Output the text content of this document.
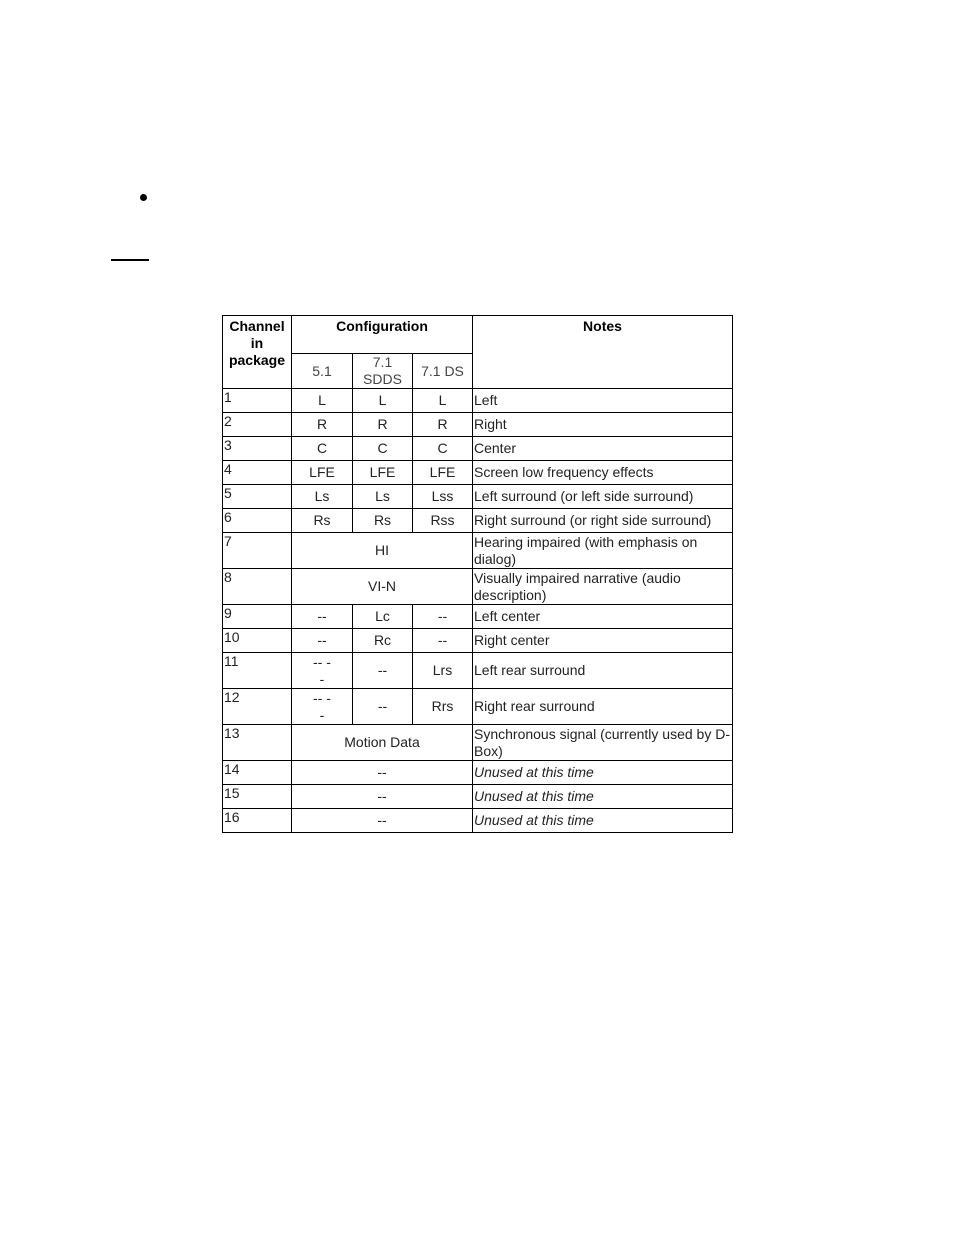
Channel in package	Configuration			Notes
	5.1	7.1 SDDS	7.1 DS	
1	L	L	L	Left
2	R	R	R	Right
3	C	C	C	Center
4	LFE	LFE	LFE	Screen low frequency effects
5	Ls	Ls	Lss	Left surround (or left side surround)
6	Rs	Rs	Rss	Right surround (or right side surround)
7	HI			Hearing impaired (with emphasis on dialog)
8	VI-N			Visually impaired narrative (audio description)
9	--	Lc	--	Left center
10	--	Rc	--	Right center
11	-- --	--	Lrs	Left rear surround
12	-- --	--	Rrs	Right rear surround
13	Motion Data			Synchronous signal (currently used by D-Box)
14	--			Unused at this time
15	--			Unused at this time
16	--			Unused at this time
